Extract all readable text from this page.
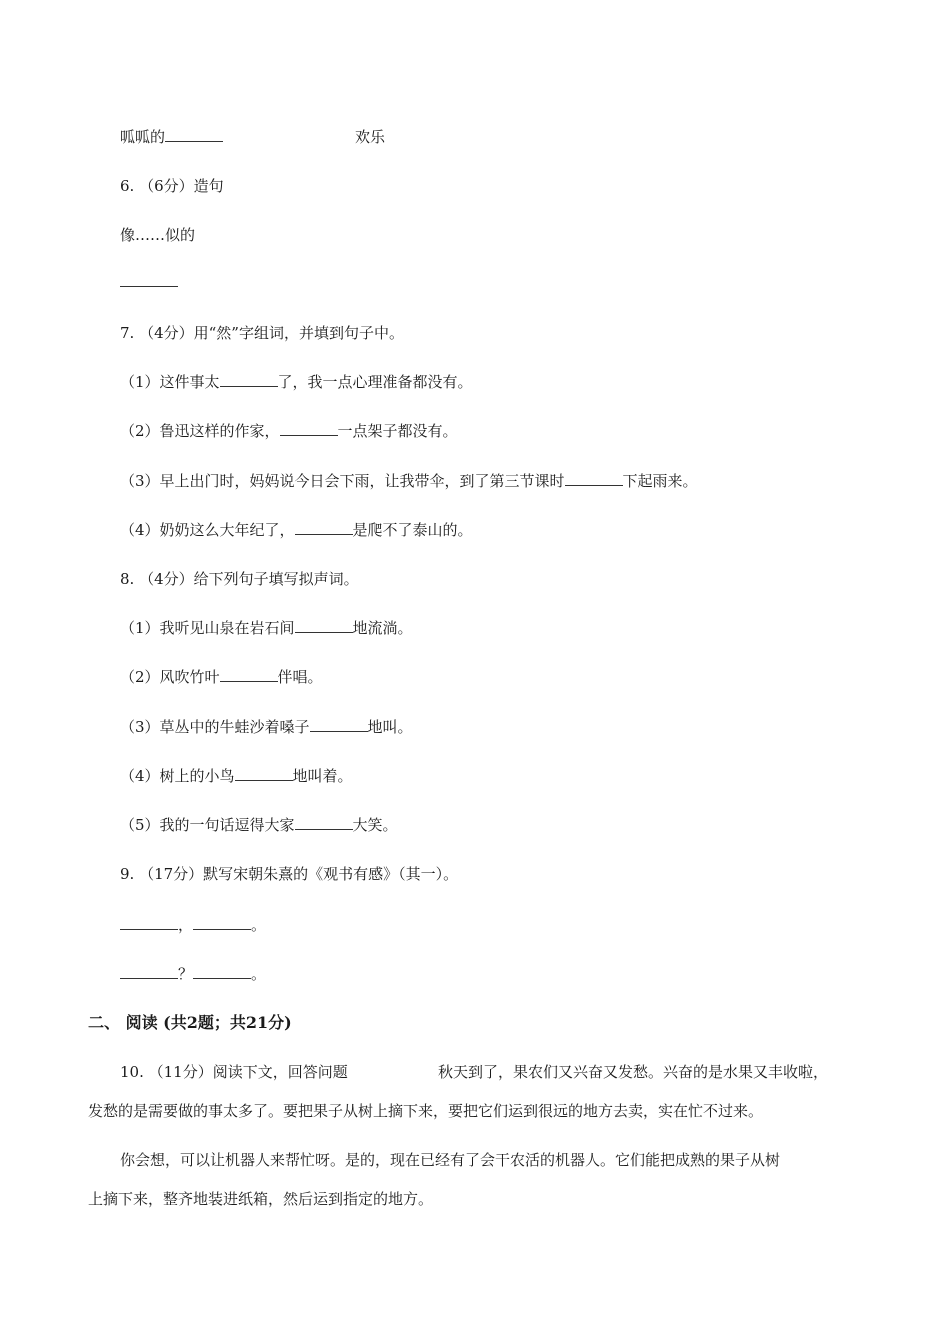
呱呱的	欢乐
6. （6分）造句
像……似的
7. （4分）用“然”字组词，并填到句子中。
（1）这件事太	了，我一点心理准备都没有。
（2）鲁迅这样的作家，	一点架子都没有。
（3）早上出门时，妈妈说今日会下雨，让我带伞，到了第三节课时	下起雨来。
（4）奶奶这么大年纪了，	是爬不了泰山的。
8. （4分）给下列句子填写拟声词。
（1）我听见山泉在岩石间	地流淌。
（2）风吹竹叶	伴唱。
（3）草丛中的牛蛙沙着嗓子	地叫。
（4）树上的小鸟	地叫着。
（5）我的一句话逗得大家	大笑。
9. （17分）默写宋朝朱熹的《观书有感》（其一）。
，	。
？	。
二、 阅读 (共2题；共21分)
10. （11分）阅读下文，回答问题	秋天到了，果农们又兴奋又发愁。兴奋的是水果又丰收啦，
发愁的是需要做的事太多了。要把果子从树上摘下来，要把它们运到很远的地方去卖，实在忙不过来。
你会想，可以让机器人来帮忙呀。是的，现在已经有了会干农活的机器人。它们能把成熟的果子从树
上摘下来，整齐地装进纸箱，然后运到指定的地方。
